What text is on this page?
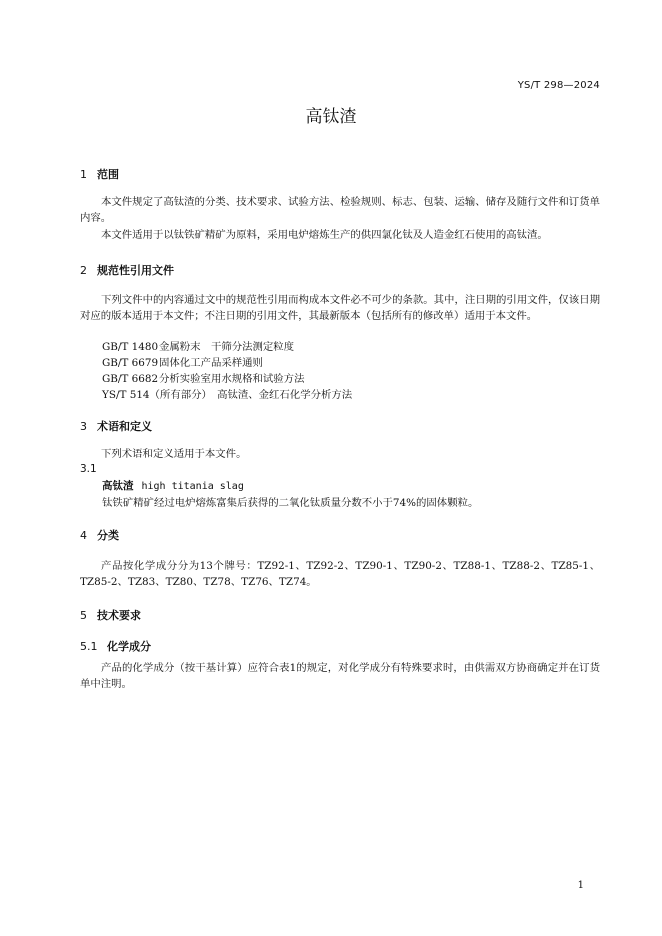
YS/T 298—2024
高钛渣
1 范围
本文件规定了高钛渣的分类、技术要求、试验方法、检验规则、标志、包装、运输、储存及随行文件和订货单内容。
本文件适用于以钛铁矿精矿为原料，采用电炉熔炼生产的供四氯化钛及人造金红石使用的高钛渣。
2 规范性引用文件
下列文件中的内容通过文中的规范性引用而构成本文件必不可少的条款。其中，注日期的引用文件，仅该日期对应的版本适用于本文件；不注日期的引用文件，其最新版本（包括所有的修改单）适用于本文件。
GB/T 1480金属粉末　干筛分法测定粒度
GB/T 6679固体化工产品采样通则
GB/T 6682分析实验室用水规格和试验方法
YS/T 514（所有部分）　 高钛渣、金红石化学分析方法
3 术语和定义
下列术语和定义适用于本文件。
3.1
高钛渣 high titania slag
钛铁矿精矿经过电炉熔炼富集后获得的二氧化钛质量分数不小于74%的固体颗粒。
4 分类
产品按化学成分分为13个牌号：TZ92-1、TZ92-2、TZ90-1、TZ90-2、TZ88-1、TZ88-2、TZ85-1、TZ85-2、TZ83、TZ80、TZ78、TZ76、TZ74。
5 技术要求
5.1 化学成分
产品的化学成分（按干基计算）应符合表1的规定，对化学成分有特殊要求时，由供需双方协商确定并在订货单中注明。
1
